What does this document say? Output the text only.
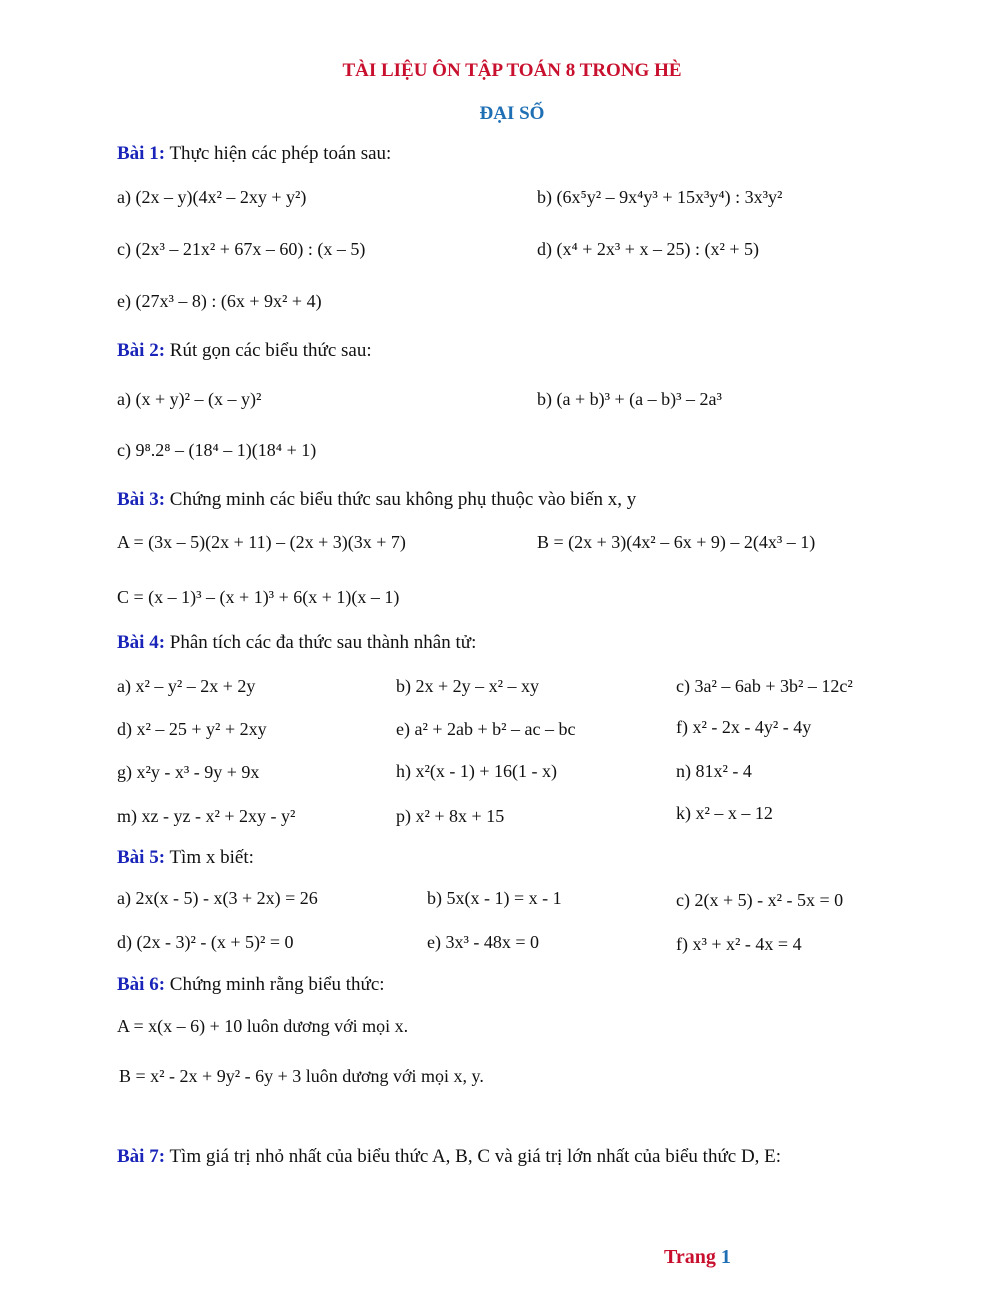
TÀI LIỆU ÔN TẬP TOÁN 8 TRONG HÈ
ĐẠI SỐ
Bài 1: Thực hiện các phép toán sau:
a) (2x – y)(4x² – 2xy + y²)	b) (6x⁵y² – 9x⁴y³ + 15x³y⁴) : 3x³y²
c) (2x³ – 21x² + 67x – 60) : (x – 5)	d) (x⁴ + 2x³ + x – 25) : (x² + 5)
e) (27x³ – 8) : (6x + 9x² + 4)
Bài 2: Rút gọn các biểu thức sau:
a) (x + y)² – (x – y)²	b) (a + b)³ + (a – b)³ – 2a³
c) 9⁸.2⁸ – (18⁴ – 1)(18⁴ + 1)
Bài 3: Chứng minh các biểu thức sau không phụ thuộc vào biến x, y
A = (3x – 5)(2x + 11) – (2x + 3)(3x + 7)	B = (2x + 3)(4x² – 6x + 9) – 2(4x³ – 1)
C = (x – 1)³ – (x + 1)³ + 6(x + 1)(x – 1)
Bài 4: Phân tích các đa thức sau thành nhân tử:
a) x² – y² – 2x + 2y	b) 2x + 2y – x² – xy	c) 3a² – 6ab + 3b² – 12c²
d) x² – 25 + y² + 2xy	e) a² + 2ab + b² – ac – bc	f) x² - 2x - 4y² - 4y
g) x²y - x³ - 9y + 9x	h) x²(x - 1) + 16(1 - x)	n) 81x² - 4
m) xz - yz - x² + 2xy - y²	p) x² + 8x + 15	k) x² – x – 12
Bài 5: Tìm x biết:
a) 2x(x - 5) - x(3 + 2x) = 26	b) 5x(x - 1) = x - 1	c) 2(x + 5) - x² - 5x = 0
d) (2x - 3)² - (x + 5)² = 0	e) 3x³ - 48x = 0	f) x³ + x² - 4x = 4
Bài 6: Chứng minh rằng biểu thức:
A = x(x – 6) + 10 luôn dương với mọi x.
B = x² - 2x + 9y² - 6y + 3 luôn dương với mọi x, y.
Bài 7: Tìm giá trị nhỏ nhất của biểu thức A, B, C và giá trị lớn nhất của biểu thức D, E:
Trang 1
